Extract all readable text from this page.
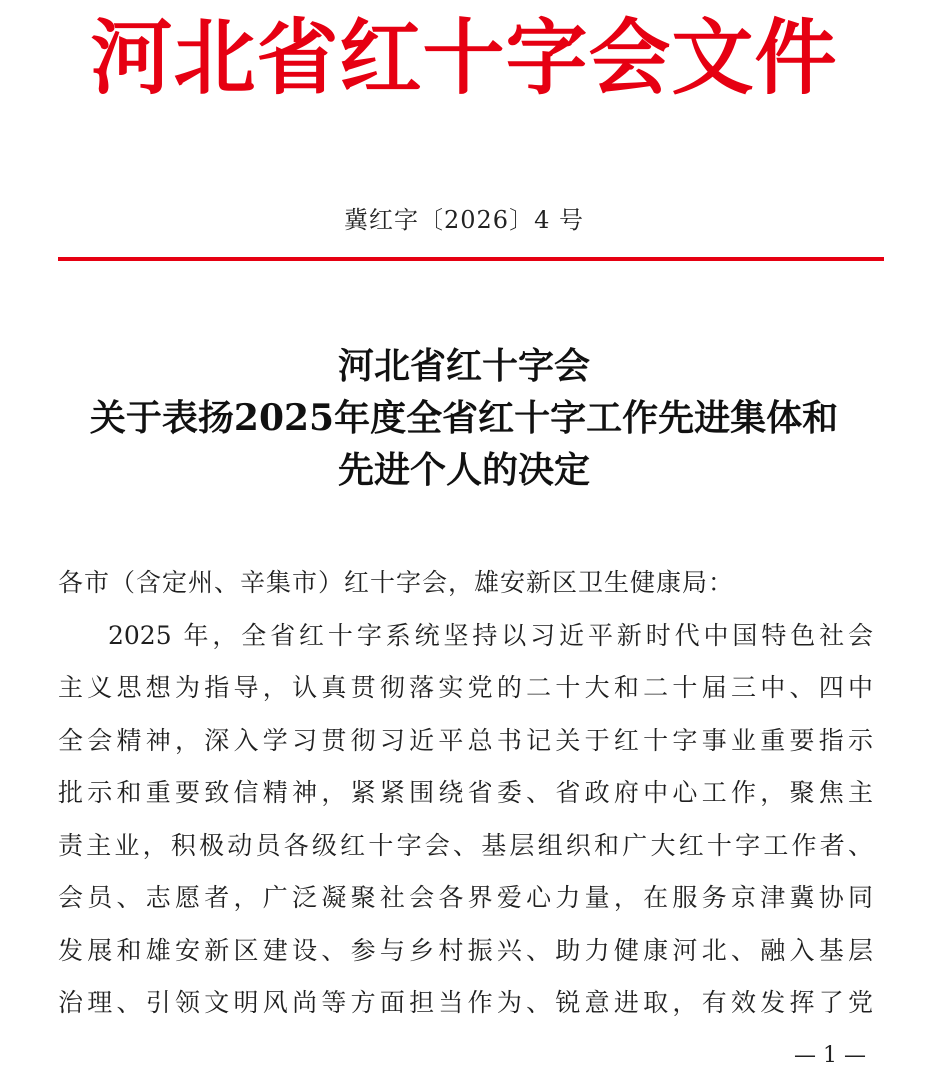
河北省红十字会文件
冀红字〔2026〕4 号
河北省红十字会
关于表扬2025年度全省红十字工作先进集体和
先进个人的决定
各市（含定州、辛集市）红十字会，雄安新区卫生健康局：
2025 年，全省红十字系统坚持以习近平新时代中国特色社会
主义思想为指导，认真贯彻落实党的二十大和二十届三中、四中
全会精神，深入学习贯彻习近平总书记关于红十字事业重要指示
批示和重要致信精神，紧紧围绕省委、省政府中心工作，聚焦主
责主业，积极动员各级红十字会、基层组织和广大红十字工作者、
会员、志愿者，广泛凝聚社会各界爱心力量，在服务京津冀协同
发展和雄安新区建设、参与乡村振兴、助力健康河北、融入基层
治理、引领文明风尚等方面担当作为、锐意进取，有效发挥了党
— 1 —
